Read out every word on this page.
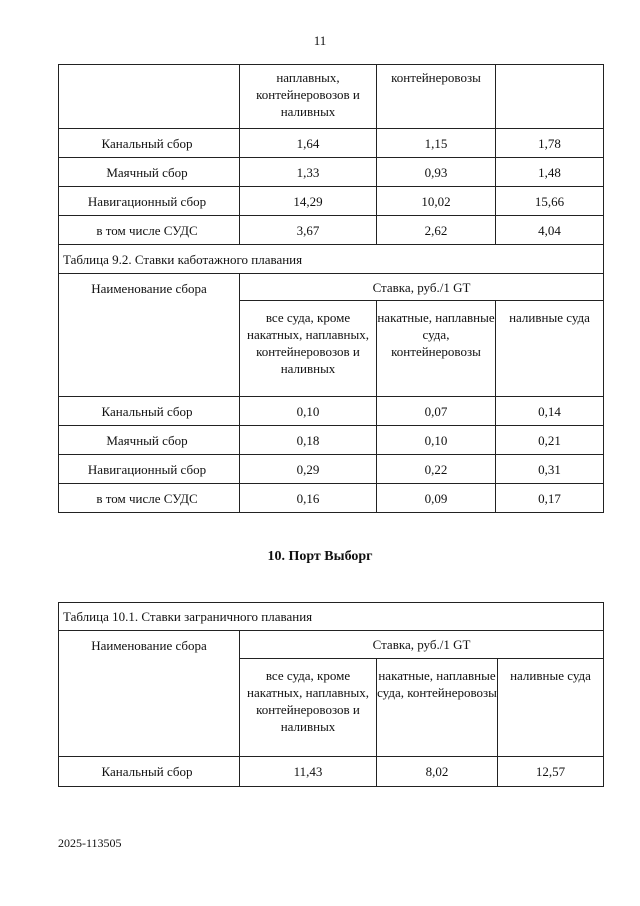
11
	наплавных, контейнеровозов и наливных	контейнеровозы	
Канальный сбор	1,64	1,15	1,78
Маячный сбор	1,33	0,93	1,48
Навигационный сбор	14,29	10,02	15,66
в том числе СУДС	3,67	2,62	4,04
Таблица 9.2. Ставки каботажного плавания			
Наименование сбора	Ставка, руб./1 GT		
	все суда, кроме накатных, наплавных, контейнеровозов и наливных	накатные, наплавные суда, контейнеровозы	наливные суда
Канальный сбор	0,10	0,07	0,14
Маячный сбор	0,18	0,10	0,21
Навигационный сбор	0,29	0,22	0,31
в том числе СУДС	0,16	0,09	0,17
10. Порт Выборг
Таблица 10.1. Ставки заграничного плавания			
Наименование сбора	Ставка, руб./1 GT		
	все суда, кроме накатных, наплавных, контейнеровозов и наливных	накатные, наплавные суда, контейнеровозы	наливные суда
Канальный сбор	11,43	8,02	12,57
2025-113505
